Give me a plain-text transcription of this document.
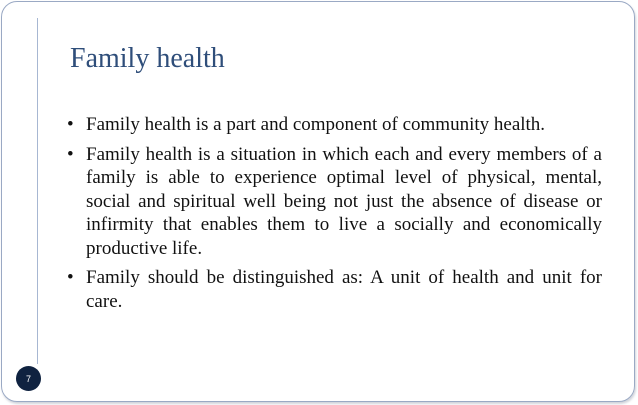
Family health
• Family health is a part and component of community health.
• Family health is a situation in which each and every members of a family is able to experience optimal level of physical, mental, social and spiritual well being not just the absence of disease or infirmity that enables them to live a socially and economically productive life.
• Family should be distinguished as: A unit of health and unit for care.
7
